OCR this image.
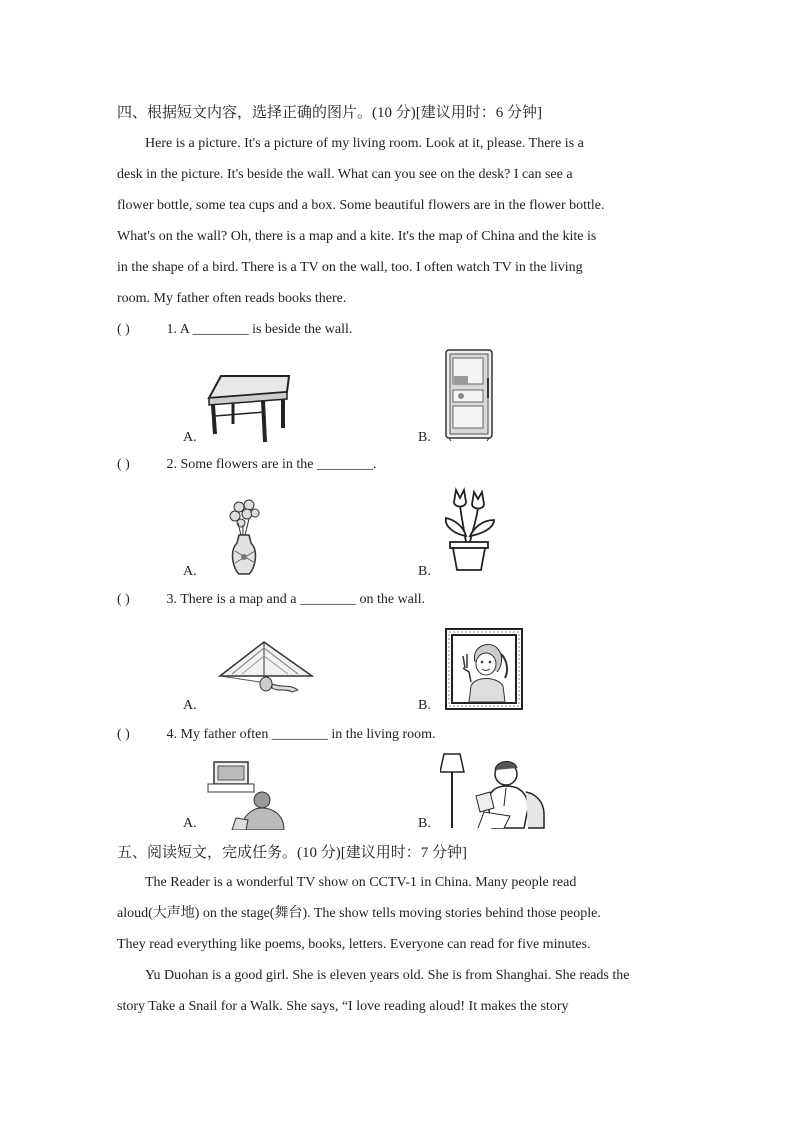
四、根据短文内容，选择正确的图片。(10 分)[建议用时：6 分钟]
Here is a picture. It's a picture of my living room. Look at it, please. There is a
desk in the picture. It's beside the wall. What can you see on the desk? I can see a
flower bottle, some tea cups and a box. Some beautiful flowers are in the flower bottle.
What's on the wall? Oh, there is a map and a kite. It's the map of China and the kite is
in the shape of a bird. There is a TV on the wall, too. I often watch TV in the living
room. My father often reads books there.
( )	1. A ________ is beside the wall.
A.	B.
( )	2. Some flowers are in the ________.
A.	B.
( )	3. There is a map and a ________ on the wall.
A.	B.
( )	4. My father often ________ in the living room.
A.	B.
五、阅读短文，完成任务。(10 分)[建议用时：7 分钟]
The Reader is a wonderful TV show on CCTV-1 in China. Many people read
aloud(大声地) on the stage(舞台). The show tells moving stories behind those people.
They read everything like poems, books, letters. Everyone can read for five minutes.
Yu Duohan is a good girl. She is eleven years old. She is from Shanghai. She reads the
story Take a Snail for a Walk. She says, “I love reading aloud! It makes the story
